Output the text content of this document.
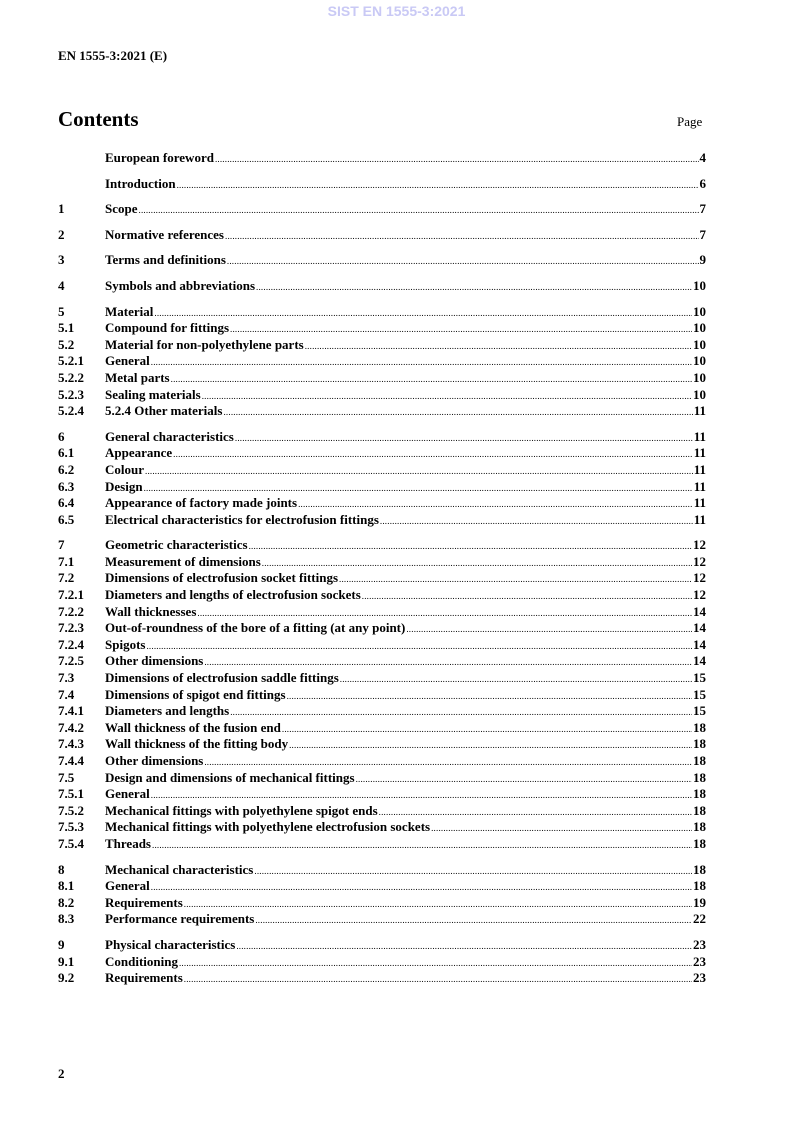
SIST EN 1555-3:2021
EN 1555-3:2021 (E)
Contents	Page
European foreword .....	4
Introduction .....	6
1	Scope .....	7
2	Normative references .....	7
3	Terms and definitions .....	9
4	Symbols and abbreviations .....	10
5	Material .....	10
5.1	Compound for fittings .....	10
5.2	Material for non-polyethylene parts .....	10
5.2.1	General .....	10
5.2.2	Metal parts .....	10
5.2.3	Sealing materials .....	10
5.2.4	5.2.4 Other materials .....	11
6	General characteristics .....	11
6.1	Appearance .....	11
6.2	Colour .....	11
6.3	Design .....	11
6.4	Appearance of factory made joints .....	11
6.5	Electrical characteristics for electrofusion fittings .....	11
7	Geometric characteristics .....	12
7.1	Measurement of dimensions .....	12
7.2	Dimensions of electrofusion socket fittings .....	12
7.2.1	Diameters and lengths of electrofusion sockets .....	12
7.2.2	Wall thicknesses .....	14
7.2.3	Out-of-roundness of the bore of a fitting (at any point) .....	14
7.2.4	Spigots .....	14
7.2.5	Other dimensions .....	14
7.3	Dimensions of electrofusion saddle fittings .....	15
7.4	Dimensions of spigot end fittings .....	15
7.4.1	Diameters and lengths .....	15
7.4.2	Wall thickness of the fusion end .....	18
7.4.3	Wall thickness of the fitting body .....	18
7.4.4	Other dimensions .....	18
7.5	Design and dimensions of mechanical fittings .....	18
7.5.1	General .....	18
7.5.2	Mechanical fittings with polyethylene spigot ends .....	18
7.5.3	Mechanical fittings with polyethylene electrofusion sockets .....	18
7.5.4	Threads .....	18
8	Mechanical characteristics .....	18
8.1	General .....	18
8.2	Requirements .....	19
8.3	Performance requirements .....	22
9	Physical characteristics .....	23
9.1	Conditioning .....	23
9.2	Requirements .....	23
2
